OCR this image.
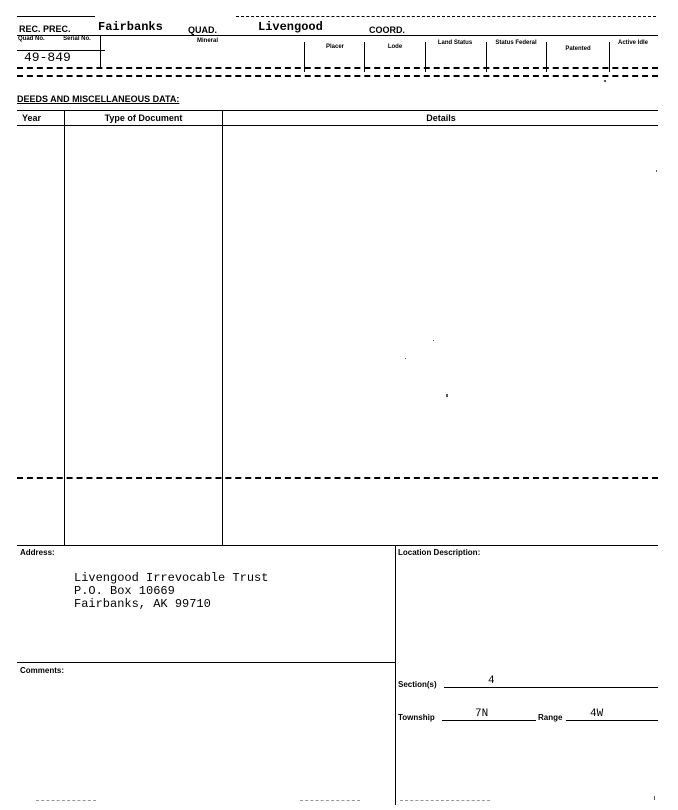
REC. PREC. Fairbanks	QUAD.	Livengood	COORD.
Quad No.	Serial No.	Mineral
Placer	Lode
Land Status	Status Federal
Patented
Active Idle
49-849
DEEDS AND MISCELLANEOUS DATA:
Year	Type of Document	Details
Address:
Livengood Irrevocable Trust
P.O. Box 10669
Fairbanks, AK 99710
Location Description:
Comments:
Section(s)	4
Township	7N	Range	4W
